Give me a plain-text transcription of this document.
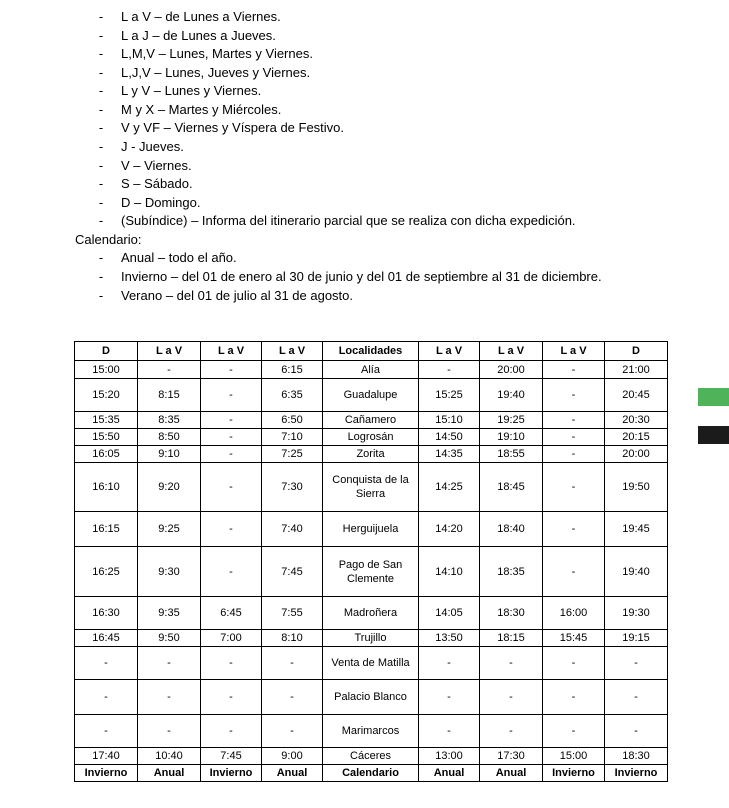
- L a V – de Lunes a Viernes.
- L a J – de Lunes a Jueves.
- L,M,V – Lunes, Martes y Viernes.
- L,J,V – Lunes, Jueves y Viernes.
- L y V – Lunes y Viernes.
- M y X – Martes y Miércoles.
- V y VF – Viernes y Víspera de Festivo.
- J - Jueves.
- V – Viernes.
- S – Sábado.
- D – Domingo.
- (Subíndice) – Informa del itinerario parcial que se realiza con dicha expedición.
Calendario:
- Anual – todo el año.
- Invierno – del 01 de enero al 30 de junio y del 01 de septiembre al 31 de diciembre.
- Verano – del 01 de julio al 31 de agosto.
D	L a V	L a V	L a V	Localidades	L a V	L a V	L a V	D
15:00	-	-	6:15	Alía	-	20:00	-	21:00
15:20	8:15	-	6:35	Guadalupe	15:25	19:40	-	20:45
15:35	8:35	-	6:50	Cañamero	15:10	19:25	-	20:30
15:50	8:50	-	7:10	Logrosán	14:50	19:10	-	20:15
16:05	9:10	-	7:25	Zorita	14:35	18:55	-	20:00
16:10	9:20	-	7:30	Conquista de la Sierra	14:25	18:45	-	19:50
16:15	9:25	-	7:40	Herguijuela	14:20	18:40	-	19:45
16:25	9:30	-	7:45	Pago de San Clemente	14:10	18:35	-	19:40
16:30	9:35	6:45	7:55	Madroñera	14:05	18:30	16:00	19:30
16:45	9:50	7:00	8:10	Trujillo	13:50	18:15	15:45	19:15
-	-	-	-	Venta de Matilla	-	-	-	-
-	-	-	-	Palacio Blanco	-	-	-	-
-	-	-	-	Marimarcos	-	-	-	-
17:40	10:40	7:45	9:00	Cáceres	13:00	17:30	15:00	18:30
Invierno	Anual	Invierno	Anual	Calendario	Anual	Anual	Invierno	Invierno
